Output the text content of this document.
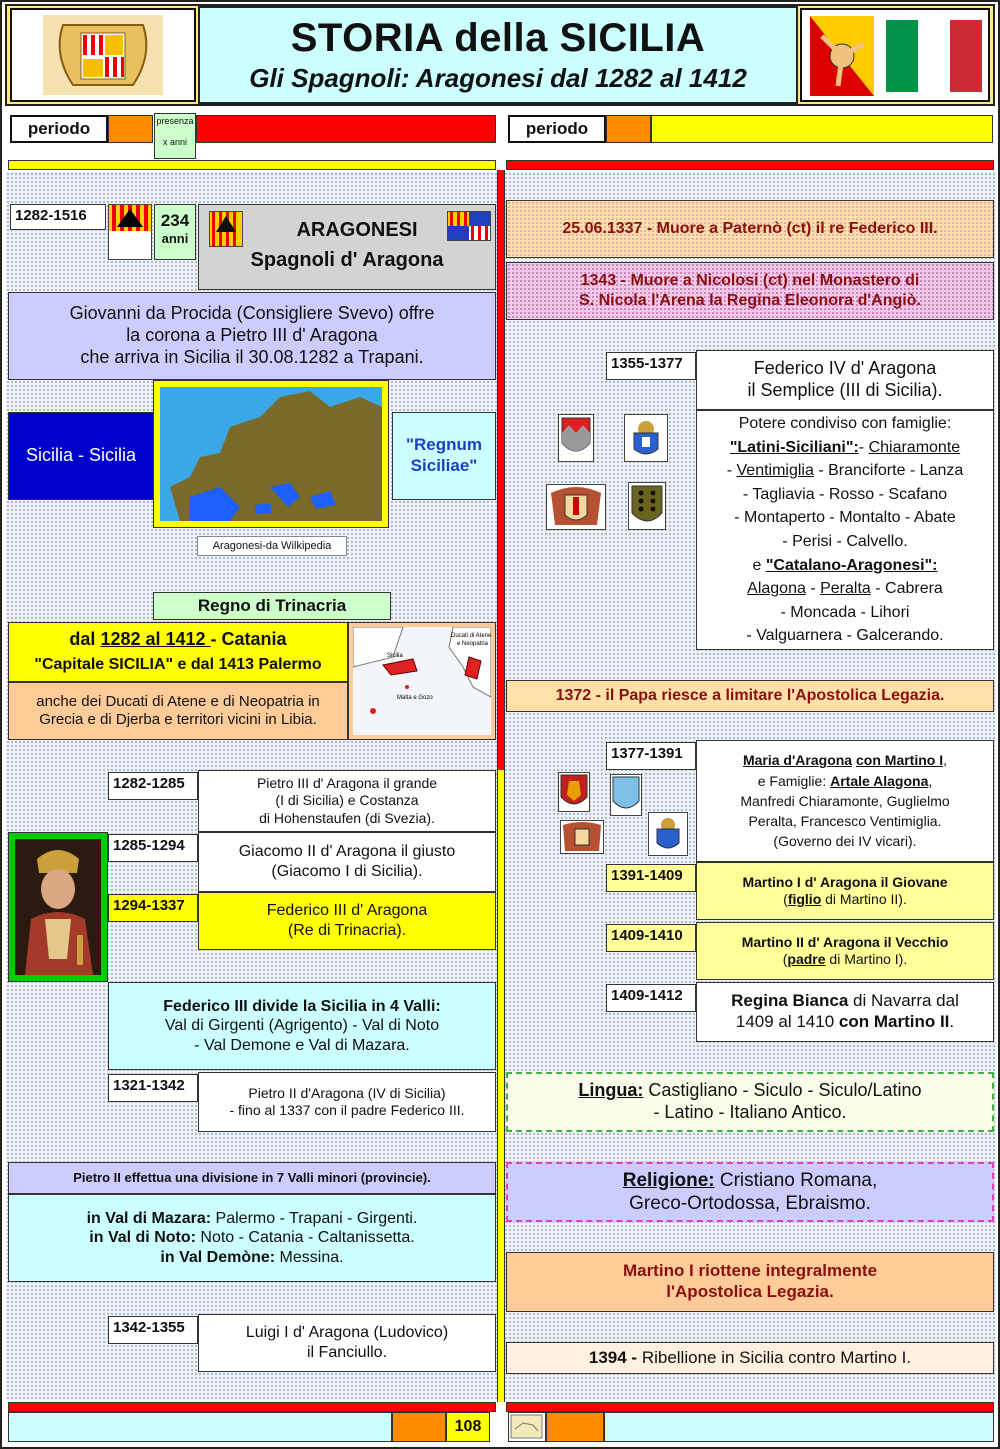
STORIA della SICILIA
Gli Spagnoli: Aragonesi dal 1282 al 1412
periodo	presenza
x anni
periodo
1282-1516	234
anni	ARAGONESI
Spagnoli d' Aragona
Giovanni da Procida (Consigliere Svevo) offre
la corona a Pietro III d' Aragona
che arriva in Sicilia il 30.08.1282 a Trapani.
Sicilia - Sicilia
"Regnum Siciliae"
Aragonesi-da Wilkipedia
Regno di Trinacria
dal 1282 al 1412 - Catania
"Capitale SICILIA" e dal 1413 Palermo
anche dei Ducati di Atene e di Neopatria in
Grecia e di Djerba e territori vicini in Libia.
Ducati di Atene
e Neopatria
Sicilia
Malta e Gozo
1282-1285	Pietro III d' Aragona il grande
(I di Sicilia) e Costanza
di Hohenstaufen (di Svezia).
1285-1294	Giacomo II d' Aragona il giusto
(Giacomo I di Sicilia).
1294-1337	Federico III d' Aragona
(Re di Trinacria).
Federico III divide la Sicilia in 4 Valli:
Val di Girgenti (Agrigento) - Val di Noto
- Val Demone e Val di Mazara.
1321-1342	Pietro II d'Aragona (IV di Sicilia)
- fino al 1337 con il padre Federico III.
Pietro II effettua una divisione in 7 Valli minori (provincie).
in Val di Mazara: Palermo - Trapani - Girgenti.
in Val di Noto: Noto - Catania - Caltanissetta.
in Val Demòne: Messina.
1342-1355	Luigi I d' Aragona (Ludovico)
il Fanciullo.
25.06.1337 - Muore a Paternò (ct) il re Federico III.
1343 - Muore a Nicolosi (ct) nel Monastero di
S. Nicola l'Arena la Regina Eleonora d'Angiò.
1355-1377	Federico IV d' Aragona
il Semplice (III di Sicilia).
Potere condiviso con famiglie:
"Latini-Siciliani":- Chiaramonte
- Ventimiglia - Branciforte - Lanza
- Tagliavia - Rosso - Scafano
- Montaperto - Montalto - Abate
- Perisi - Calvello.
e "Catalano-Aragonesi":
Alagona - Peralta - Cabrera
- Moncada - Lihori
- Valguarnera - Galcerando.
1372 - il Papa riesce a limitare l'Apostolica Legazia.
1377-1391	Maria d'Aragona con Martino I,
e Famiglie: Artale Alagona,
Manfredi Chiaramonte, Guglielmo
Peralta, Francesco Ventimiglia.
(Governo dei IV vicari).
1391-1409	Martino I d' Aragona il Giovane
(figlio di Martino II).
1409-1410	Martino II d' Aragona il Vecchio
(padre di Martino I).
1409-1412	Regina Bianca di Navarra dal
1409 al 1410 con Martino II.
Lingua: Castigliano - Siculo - Siculo/Latino
- Latino - Italiano Antico.
Religione: Cristiano Romana,
Greco-Ortodossa, Ebraismo.
Martino I riottene integralmente
l'Apostolica Legazia.
1394 - Ribellione in Sicilia contro Martino I.
108
